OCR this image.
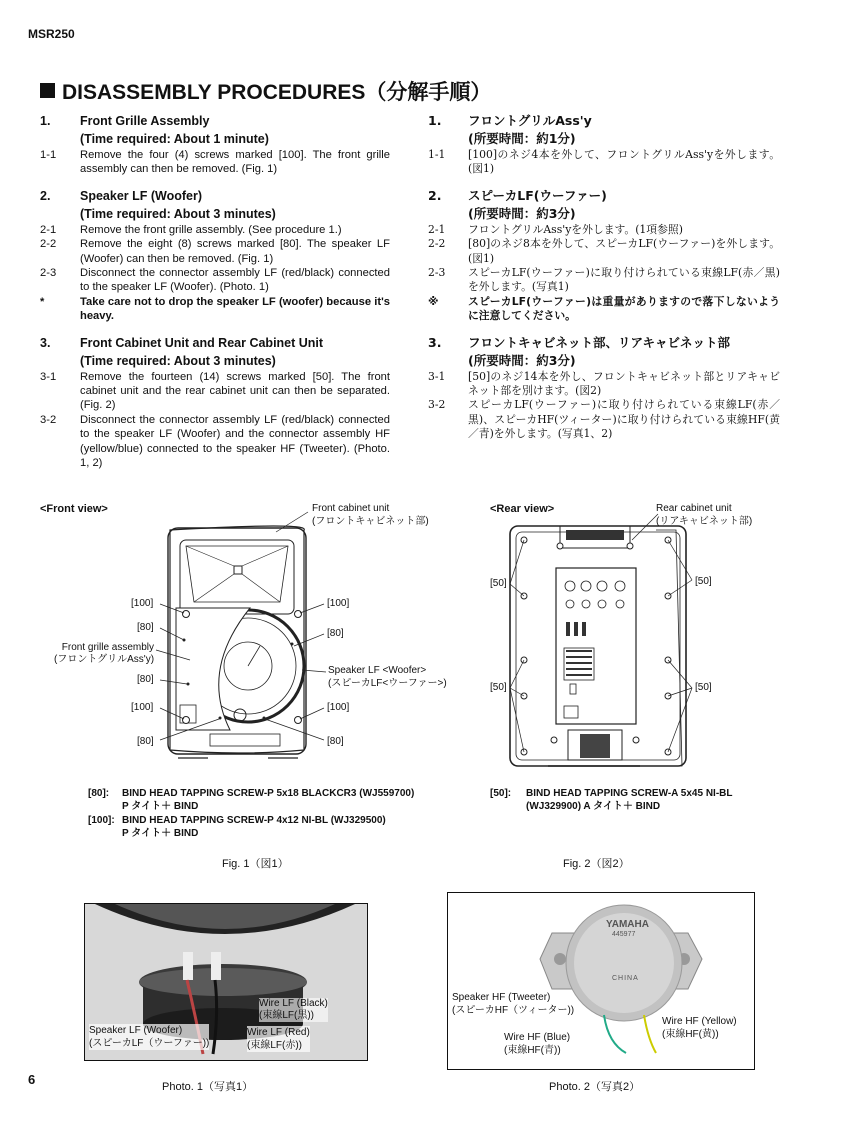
MSR250
DISASSEMBLY PROCEDURES（分解手順）
1.	Front Grille Assembly
(Time required: About 1 minute)
1-1	Remove the four (4) screws marked [100]. The front grille assembly can then be removed. (Fig. 1)
2.	Speaker LF (Woofer)
(Time required: About 3 minutes)
2-1	Remove the front grille assembly. (See procedure 1.)
2-2	Remove the eight (8) screws marked [80]. The speaker LF (Woofer) can then be removed. (Fig. 1)
2-3	Disconnect the connector assembly LF (red/black) connected to the speaker LF (Woofer). (Photo. 1)
*	Take care not to drop the speaker LF (woofer) because it's heavy.
3.	Front Cabinet Unit and Rear Cabinet Unit
(Time required: About 3 minutes)
3-1	Remove the fourteen (14) screws marked [50]. The front cabinet unit and the rear cabinet unit can then be separated. (Fig. 2)
3-2	Disconnect the connector assembly LF (red/black) connected to the speaker LF (Woofer) and the connector assembly HF (yellow/blue) connected to the speaker HF (Tweeter). (Photo. 1, 2)
1.	フロントグリルAss'y
(所要時間：約1分)
1-1	[100]のネジ4本を外して、フロントグリルAss'yを外します。(図1)
2.	スピーカLF(ウーファー)
(所要時間：約3分)
2-1	フロントグリルAss'yを外します。(1項参照)
2-2	[80]のネジ8本を外して、スピーカLF(ウーファー)を外します。(図1)
2-3	スピーカLF(ウーファー)に取り付けられている束線LF(赤／黒)を外します。(写真1)
※	スピーカLF(ウーファー)は重量がありますので落下しないように注意してください。
3.	フロントキャビネット部、リアキャビネット部
(所要時間：約3分)
3-1	[50]のネジ14本を外し、フロントキャビネット部とリアキャビネット部を別けます。(図2)
3-2	スピーカLF(ウーファー)に取り付けられている束線LF(赤／黒)、スピーカHF(ツィーター)に取り付けられている束線HF(黄／青)を外します。(写真1、2)
<Front view>	Front cabinet unit
(フロントキャビネット部)
[100]
[80]
Front grille assembly
(フロントグリルAss'y)
[80]
[100]
[80]
[100]
[80]
Speaker LF <Woofer>
(スピーカLF<ウーファー>)
[100]
[80]
[80]:	BIND HEAD TAPPING SCREW-P 5x18 BLACKCR3 (WJ559700)
P タイト＋ BIND
[100]: BIND HEAD TAPPING SCREW-P 4x12 NI-BL (WJ329500)
P タイト＋ BIND
Fig. 1（図1）
<Rear view>	Rear cabinet unit
(リアキャビネット部)
[50]	[50]
[50]	[50]
[50]:	BIND HEAD TAPPING SCREW-A 5x45 NI-BL
(WJ329900) A タイト＋ BIND
Fig. 2（図2）
Wire LF (Black)
(束線LF(黒))
Speaker LF (Woofer)
(スピーカLF（ウーファー))
Wire LF (Red)
(束線LF(赤))
Photo. 1（写真1）
YAMAHA
445977
CHINA
Speaker HF (Tweeter)
(スピーカHF（ツィーター))
Wire HF (Yellow)
(束線HF(黄))
Wire HF (Blue)
(束線HF(青))
Photo. 2（写真2）
6
